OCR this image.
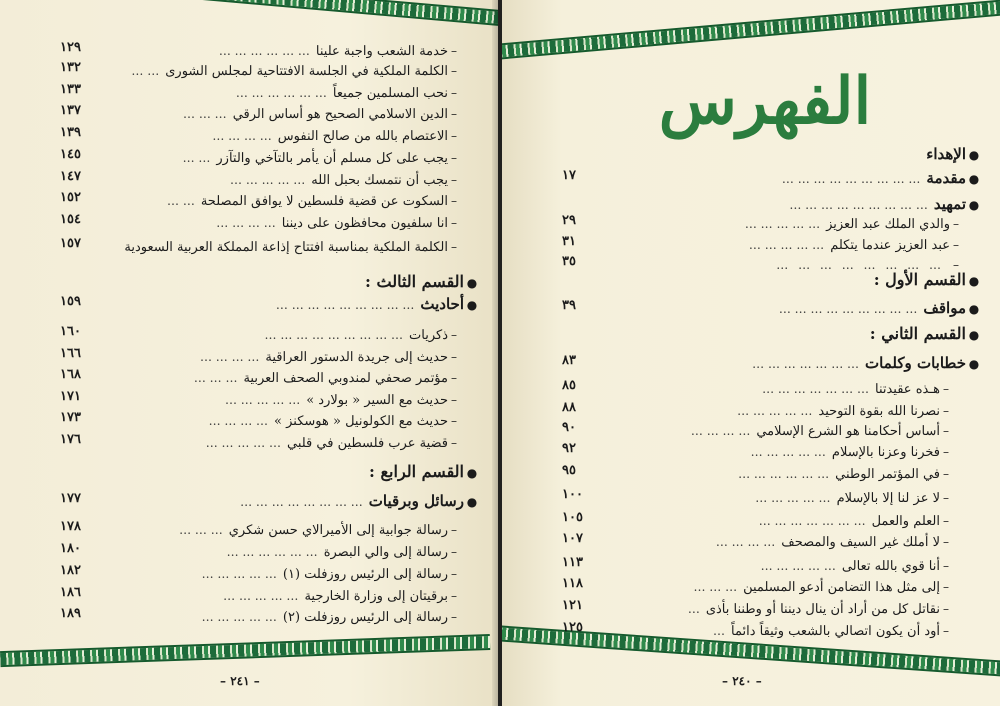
–خدمة الشعب واجبة علينا… … … … … …
١٢٩
–الكلمة الملكية في الجلسة الافتتاحية لمجلس الشورى… …
١٣٢
–نحب المسلمين جميعاً… … … … … …
١٣٣
–الدين الاسلامي الصحيح هو أساس الرقي… … …
١٣٧
–الاعتصام بالله من صالح النفوس… … … …
١٣٩
–يجب على كل مسلم أن يأمر بالتآخي والتآزر… …
١٤٥
–يجب أن نتمسك بحبل الله… … … … …
١٤٧
–السكوت عن قضية فلسطين لا يوافق المصلحة… …
١٥٢
–انا سلفيون محافظون على ديننا… … … …
١٥٤
–الكلمة الملكية بمناسبة افتتاح إذاعة المملكة العربية السعودية
١٥٧
●القسم الثالث :
●أحاديث… … … … … … … … …
١٥٩
–ذكريات… … … … … … … … …
١٦٠
–حديث إلى جريدة الدستور العراقية… … … …
١٦٦
–مؤتمر صحفي لمندوبي الصحف العربية… … …
١٦٨
–حديث مع السير « بولارد »… … … … …
١٧١
–حديث مع الكولونيل « هوسكنز »… … … …
١٧٣
–قضية عرب فلسطين في قلبي… … … … …
١٧٦
●القسم الرابع :
●رسائل وبرقيات… … … … … … … …
١٧٧
–رسالة جوابية إلى الأميرالاي حسن شكري… … …
١٧٨
–رسالة إلى والي البصرة… … … … … …
١٨٠
–رسالة إلى الرئيس روزفلت (١)… … … … …
١٨٢
–برقيتان إلى وزارة الخارجية… … … … …
١٨٦
–رسالة إلى الرئيس روزفلت (٢)… … … … …
١٨٩
– ٢٤١ –
●الإهداء
●مقدمة… … … … … … … … …
١٧
●تمهيد… … … … … … … … …
–والدي الملك عبد العزيز… … … … …
٢٩
–عبد العزيز عندما يتكلم… … … … …
٣١
–… … … … … … … …
٣٥
●القسم الأول :
●مواقف… … … … … … … … …
٣٩
●القسم الثاني :
●خطابات وكلمات… … … … … … …
٨٣
–هـذه عقيدتنا… … … … … … …
٨٥
–نصرنا الله بقوة التوحيد… … … … …
٨٨
–أساس أحكامنا هو الشرع الإسلامي… … … …
٩٠
–فخرنا وعزنا بالإسلام… … … … …
٩٢
–في المؤتمر الوطني… … … … … …
٩٥
–لا عز لنا إلا بالإسلام… … … … …
١٠٠
–العلم والعمل… … … … … … …
١٠٥
–لا أملك غير السيف والمصحف… … … …
١٠٧
–أنا قوي بالله تعالى… … … … …
١١٣
–إلى مثل هذا التضامن أدعو المسلمين… … …
١١٨
–نقاتل كل من أراد أن ينال ديننا أو وطننا بأذى…
١٢١
–أود أن يكون اتصالي بالشعب وثيقاً دائماً…
١٢٥
– ٢٤٠ –
الفهرس
